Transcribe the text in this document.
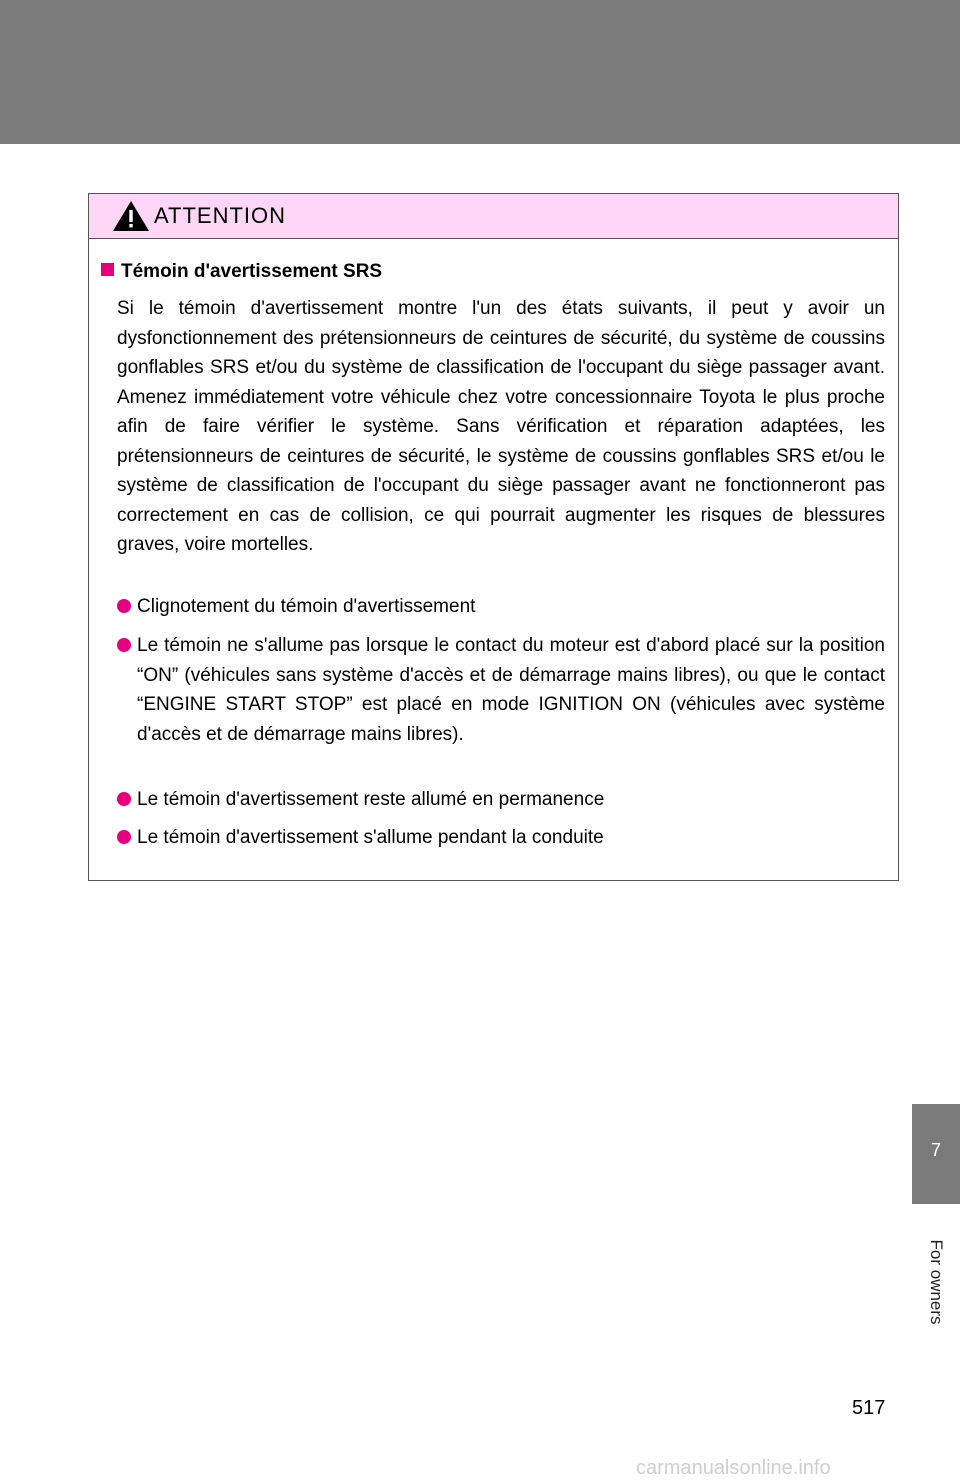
ATTENTION
Témoin d'avertissement SRS

Si le témoin d'avertissement montre l'un des états suivants, il peut y avoir un dysfonctionnement des prétensionneurs de ceintures de sécurité, du système de coussins gonflables SRS et/ou du système de classification de l'occupant du siège passager avant. Amenez immédiatement votre véhicule chez votre concessionnaire Toyota le plus proche afin de faire vérifier le système. Sans vérification et réparation adaptées, les prétensionneurs de ceintures de sécurité, le système de coussins gonflables SRS et/ou le système de classification de l'occupant du siège passager avant ne fonctionneront pas correctement en cas de collision, ce qui pourrait augmenter les risques de blessures graves, voire mortelles.

Clignotement du témoin d'avertissement
Le témoin ne s'allume pas lorsque le contact du moteur est d'abord placé sur la position “ON” (véhicules sans système d'accès et de démarrage mains libres), ou que le contact “ENGINE START STOP” est placé en mode IGNITION ON (véhicules avec système d'accès et de démarrage mains libres).
Le témoin d'avertissement reste allumé en permanence
Le témoin d'avertissement s'allume pendant la conduite
7
For owners
517
carmanualsonline.info
